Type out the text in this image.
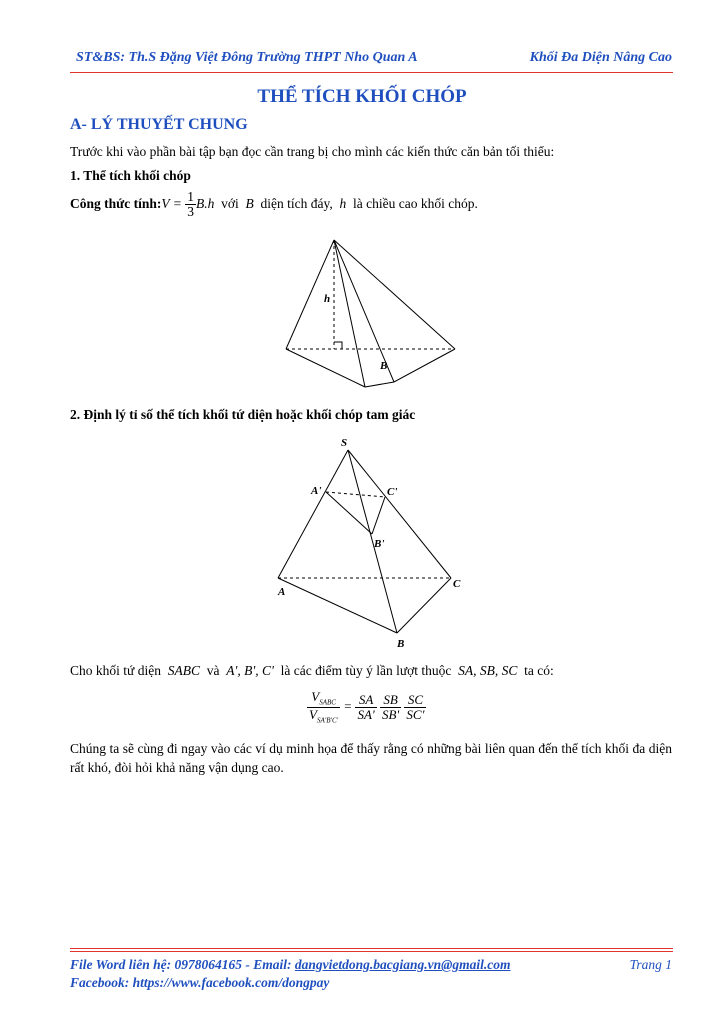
ST&BS: Th.S Đặng Việt Đông Trường THPT Nho Quan A	Khối Đa Diện Nâng Cao
THỂ TÍCH KHỐI CHÓP
A- LÝ THUYẾT CHUNG
Trước khi vào phần bài tập bạn đọc cần trang bị cho mình các kiến thức căn bản tối thiểu:
1. Thể tích khối chóp
Công thức tính:V = $\frac{1}{3} B.h$ với B diện tích đáy, h là chiều cao khối chóp.
h
B
2. Định lý tỉ số thể tích khối tứ diện hoặc khối chóp tam giác
S
A'	C'
B'
A
C
B
Cho khối tứ diện SABC và A', B', C' là các điểm tùy ý lần lượt thuộc SA, SB, SC ta có:
$\frac{V_{SABC}}{V_{SA'B'C'}} = \frac{SA}{SA'}$
$\frac{SB}{SB'}$
$\frac{SC}{SC'}$
Chúng ta sẽ cùng đi ngay vào các ví dụ minh họa để thấy rằng có những bài liên quan đến thể tích khối đa diện rất khó, đòi hỏi khả năng vận dụng cao.
File Word liên hệ: 0978064165 - Email: dangvietdong.bacgiang.vn@gmail.com	Trang 1
Facebook: https://www.facebook.com/dongpay
